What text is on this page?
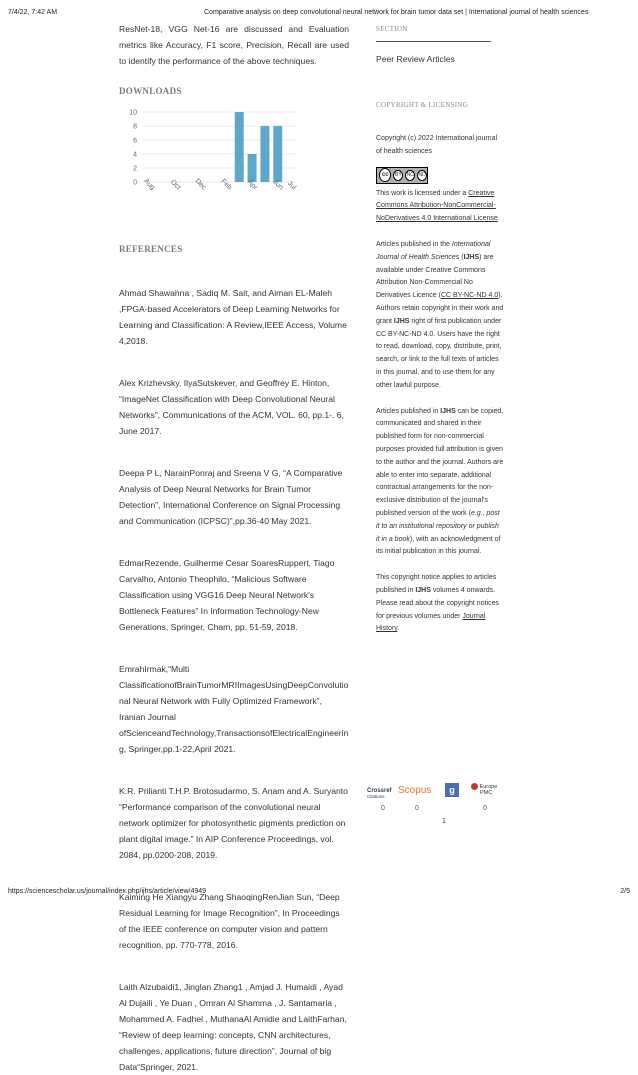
7/4/22, 7:42 AM	Comparative analysis on deep convolutional neural network for brain tumor data set | International journal of health sciences
ResNet-18, VGG Net-16 are discussed and Evaluation metrics like Accuracy, F1 score, Precision, Recall are used to identify the performance of the above techniques.
DOWNLOADS
0
2
4
6
8
10
Aug Oct Dec Feb Apr Jun Jul
REFERENCES
Ahmad Shawahna , Sadiq M. Sait, and Aiman EL-Maleh ,FPGA-based Accelerators of Deep Learning Networks for Learning and Classification: A Review,IEEE Access, Volume 4,2018.
Alex Krizhevsky, IlyaSutskever, and Geoffrey E. Hinton, “ImageNet Classification with Deep Convolutional Neural Networks”, Communications of the ACM, VOL. 60, pp.1-. 6, June 2017.
Deepa P L, NarainPonraj and Sreena V G, “A Comparative Analysis of Deep Neural Networks for Brain Tumor Detection”, International Conference on Signal Processing and Communication (ICPSC)”,pp.36-40 May 2021.
EdmarRezende, Guilherme Cesar SoaresRuppert, Tiago Carvalho, Antonio Theophilo, “Malicious Software Classification using VGG16 Deep Neural Network's Bottleneck Features” In Information Technology-New Generations, Springer, Cham, pp. 51-59, 2018.
EmrahIrmak,“Multi ClassificationofBrainTumorMRIImagesUsingDeepConvolutional Neural Network with Fully Optimized Framework”, Iranian Journal ofScienceandTechnology,TransactionsofElectricalEngineering, Springer,pp.1-22,April 2021.
K.R. Prilianti T.H.P. Brotosudarmo, S. Anam and A. Suryanto “Performance comparison of the convolutional neural network optimizer for photosynthetic pigments prediction on plant digital image.” In AIP Conference Proceedings, vol. 2084, pp.0200-208, 2019.
Kaiming He Xiangyu Zhang ShaoqingRenJian Sun, “Deep Residual Learning for Image Recognition”, In Proceedings of the IEEE conference on computer vision and pattern recognition, pp. 770-778, 2016.
Laith Alzubaidi1, Jinglan Zhang1 , Amjad J. Humaidi , Ayad Al Dujaili , Ye Duan , Omran Al Shamma , J. Santamaria , Mohammed A. Fadhel , MuthanaAl Amidie and LaithFarhan, “Review of deep learning: concepts, CNN architectures, challenges, applications, future direction”, Journal of big Data“Springer, 2021.
SECTION
Peer Review Articles
COPYRIGHT & LICENSING

Copyright (c) 2022 International journal of health sciences

cc	BY NC ND

This work is licensed under a Creative Commons Attribution-NonCommercial-NoDerivatives 4.0 International License.

Articles published in the International Journal of Health Sciences (IJHS) are available under Creative Commons Attribution Non-Commercial No Derivatives Licence (CC BY-NC-ND 4.0). Authors retain copyright in their work and grant IJHS right of first publication under CC BY-NC-ND 4.0. Users have the right to read, download, copy, distribute, print, search, or link to the full texts of articles in this journal, and to use them for any other lawful purpose.

Articles published in IJHS can be copied, communicated and shared in their published form for non-commercial purposes provided full attribution is given to the author and the journal. Authors are able to enter into separate, additional contractual arrangements for the non-exclusive distribution of the journal's published version of the work (e.g., post it to an institutional repository or publish it in a book), with an acknowledgment of its initial publication in this journal.

This copyright notice applies to articles published in IJHS volumes 4 onwards. Please read about the copyright notices for previous volumes under Journal History.

Crossref
Citations
Scopus	g	Europe
PMC
0	0	0
1
https://sciencescholar.us/journal/index.php/ijhs/article/view/4949	2/5
